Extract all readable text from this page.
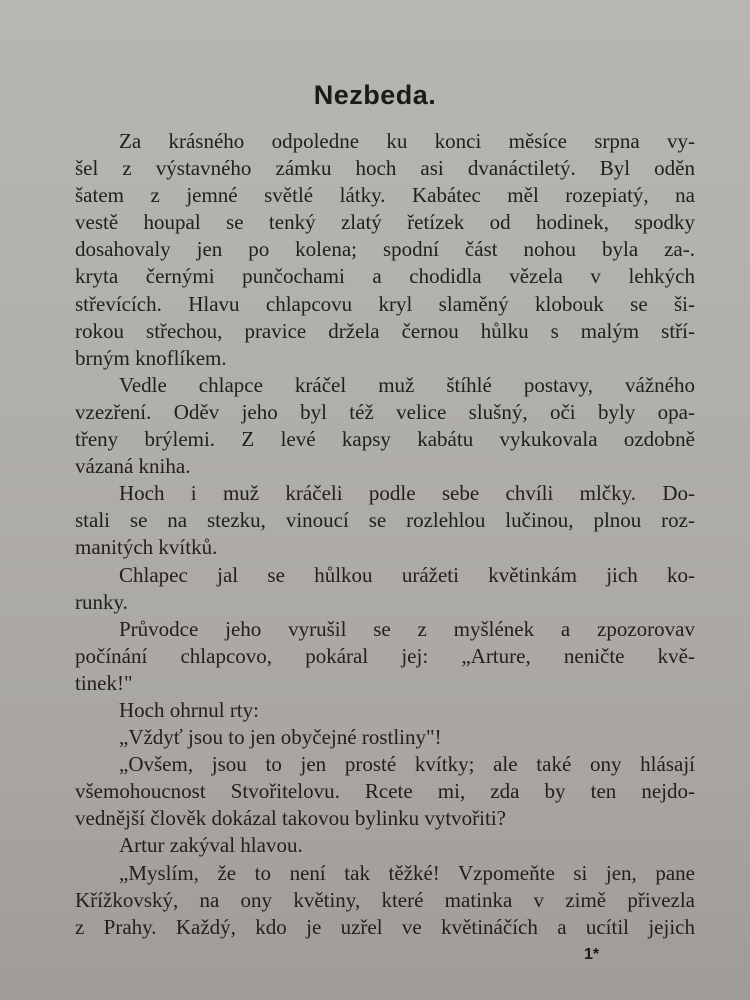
Nezbeda.
Za krásného odpoledne ku konci měsíce srpna vy-
šel z výstavného zámku hoch asi dvanáctiletý. Byl oděn
šatem z jemné světlé látky. Kabátec měl rozepiatý, na
vestě houpal se tenký zlatý řetízek od hodinek, spodky
dosahovaly jen po kolena; spodní část nohou byla za-.
kryta černými punčochami a chodidla vězela v lehkých
střevících. Hlavu chlapcovu kryl slaměný klobouk se ši-
rokou střechou, pravice držela černou hůlku s malým stří-
brným knoflíkem.
Vedle chlapce kráčel muž štíhlé postavy, vážného
vzezření. Oděv jeho byl též velice slušný, oči byly opa-
třeny brýlemi. Z levé kapsy kabátu vykukovala ozdobně
vázaná kniha.
Hoch i muž kráčeli podle sebe chvíli mlčky. Do-
stali se na stezku, vinoucí se rozlehlou lučinou, plnou roz-
manitých kvítků.
Chlapec jal se hůlkou urážeti květinkám jich ko-
runky.
Průvodce jeho vyrušil se z myšlének a zpozorovav
počínání chlapcovo, pokáral jej: „Arture, neničte kvě-
tinek!"
Hoch ohrnul rty:
„Vždyť jsou to jen obyčejné rostliny"!
„Ovšem, jsou to jen prosté kvítky; ale také ony hlásají
všemohoucnost Stvořitelovu. Rcete mi, zda by ten nejdo-
vednější člověk dokázal takovou bylinku vytvořiti?
Artur zakýval hlavou.
„Myslím, že to není tak těžké! Vzpomeňte si jen, pane
Křížkovský, na ony květiny, které matinka v zimě přivezla
z Prahy. Každý, kdo je uzřel ve květináčích a ucítil jejich
1*
